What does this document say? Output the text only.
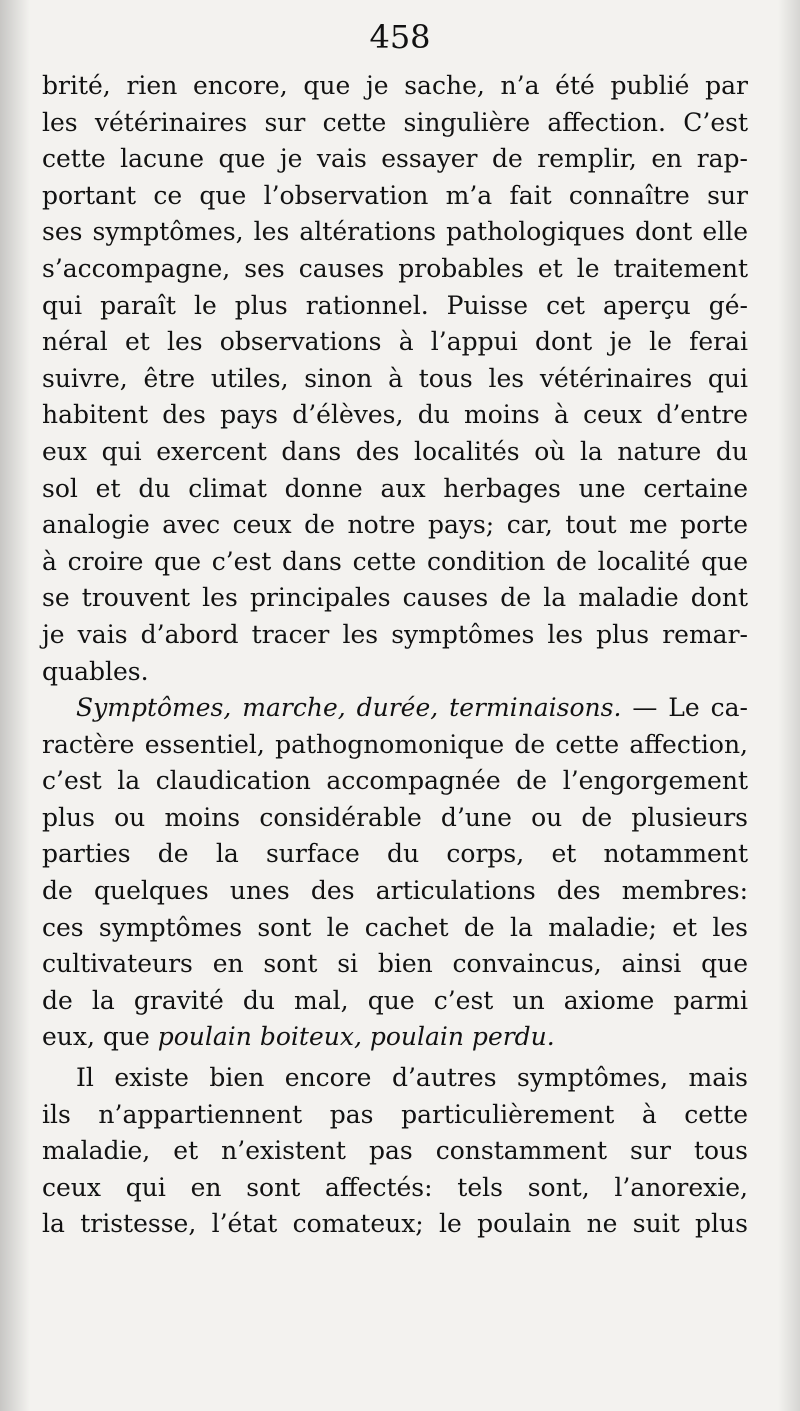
458
brité, rien encore, que je sache, n’a été publié par
les vétérinaires sur cette singulière affection. C’est
cette lacune que je vais essayer de remplir, en rap-
portant ce que l’observation m’a fait connaître sur
ses symptômes, les altérations pathologiques dont elle
s’accompagne, ses causes probables et le traitement
qui paraît le plus rationnel. Puisse cet aperçu gé-
néral et les observations à l’appui dont je le ferai
suivre, être utiles, sinon à tous les vétérinaires qui
habitent des pays d’élèves, du moins à ceux d’entre
eux qui exercent dans des localités où la nature du
sol et du climat donne aux herbages une certaine
analogie avec ceux de notre pays; car, tout me porte
à croire que c’est dans cette condition de localité que
se trouvent les principales causes de la maladie dont
je vais d’abord tracer les symptômes les plus remar-
quables.
Symptômes, marche, durée, terminaisons. — Le ca-
ractère essentiel, pathognomonique de cette affection,
c’est la claudication accompagnée de l’engorgement
plus ou moins considérable d’une ou de plusieurs
parties de la surface du corps, et notamment
de quelques unes des articulations des membres:
ces symptômes sont le cachet de la maladie; et les
cultivateurs en sont si bien convaincus, ainsi que
de la gravité du mal, que c’est un axiome parmi
eux, que poulain boiteux, poulain perdu.
Il existe bien encore d’autres symptômes, mais
ils n’appartiennent pas particulièrement à cette
maladie, et n’existent pas constamment sur tous
ceux qui en sont affectés: tels sont, l’anorexie,
la tristesse, l’état comateux; le poulain ne suit plus
